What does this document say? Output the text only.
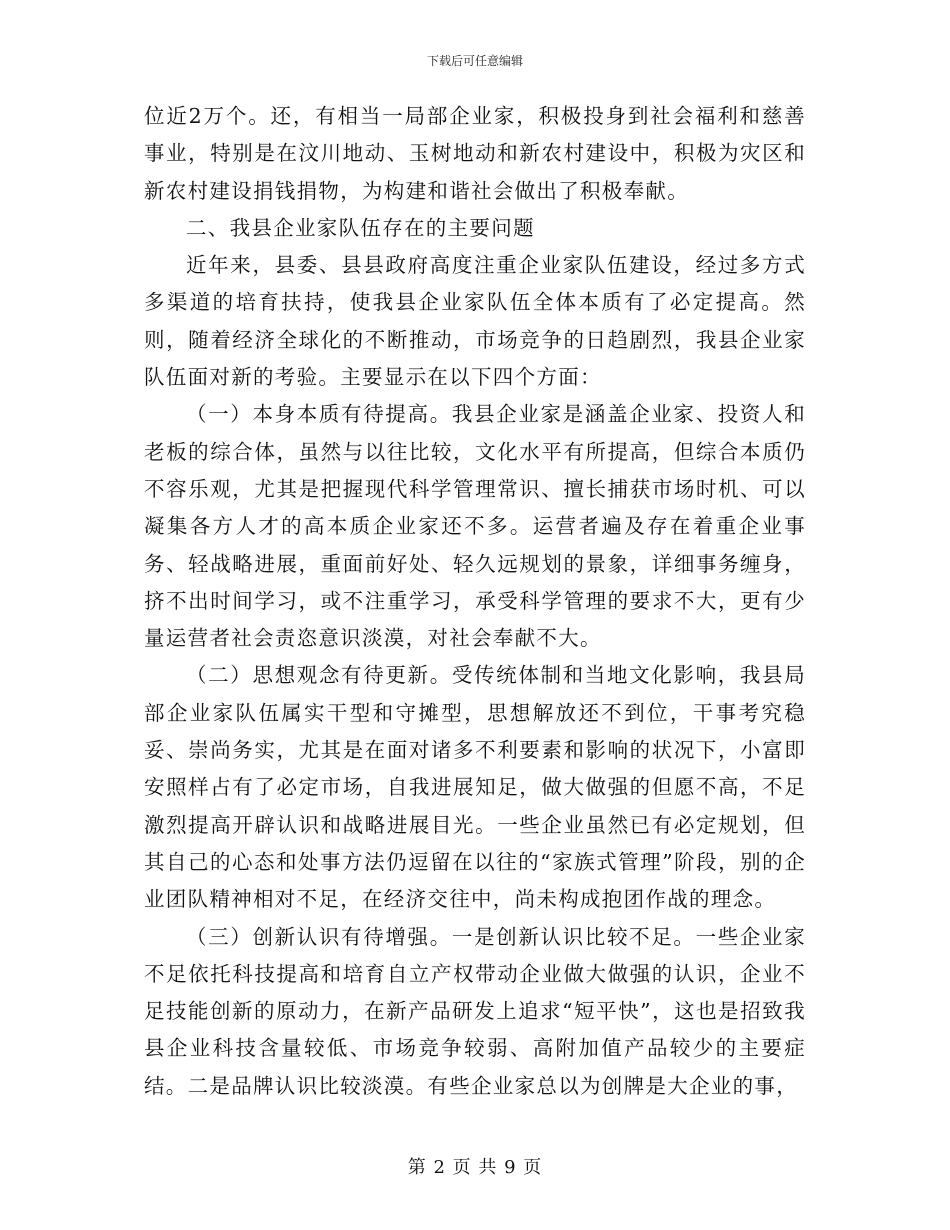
下载后可任意编辑

位近2万个。还，有相当一局部企业家，积极投身到社会福利和慈善事业，特别是在汶川地动、玉树地动和新农村建设中，积极为灾区和新农村建设捐钱捐物，为构建和谐社会做出了积极奉献。

二、我县企业家队伍存在的主要问题

近年来，县委、县县政府高度注重企业家队伍建设，经过多方式多渠道的培育扶持，使我县企业家队伍全体本质有了必定提高。然则，随着经济全球化的不断推动，市场竞争的日趋剧烈，我县企业家队伍面对新的考验。主要显示在以下四个方面：

（一）本身本质有待提高。我县企业家是涵盖企业家、投资人和老板的综合体，虽然与以往比较，文化水平有所提高，但综合本质仍不容乐观，尤其是把握现代科学管理常识、擅长捕获市场时机、可以凝集各方人才的高本质企业家还不多。运营者遍及存在着重企业事务、轻战略进展，重面前好处、轻久远规划的景象，详细事务缠身，挤不出时间学习，或不注重学习，承受科学管理的要求不大，更有少量运营者社会责恣意识淡漠，对社会奉献不大。

（二）思想观念有待更新。受传统体制和当地文化影响，我县局部企业家队伍属实干型和守摊型，思想解放还不到位，干事考究稳妥、崇尚务实，尤其是在面对诸多不利要素和影响的状况下，小富即安照样占有了必定市场，自我进展知足，做大做强的但愿不高，不足激烈提高开辟认识和战略进展目光。一些企业虽然已有必定规划，但其自己的心态和处事方法仍逗留在以往的“家族式管理”阶段，别的企业团队精神相对不足，在经济交往中，尚未构成抱团作战的理念。

（三）创新认识有待增强。一是创新认识比较不足。一些企业家不足依托科技提高和培育自立产权带动企业做大做强的认识，企业不足技能创新的原动力，在新产品研发上追求“短平快”，这也是招致我县企业科技含量较低、市场竞争较弱、高附加值产品较少的主要症结。二是品牌认识比较淡漠。有些企业家总以为创牌是大企业的事，

第 2 页 共 9 页
